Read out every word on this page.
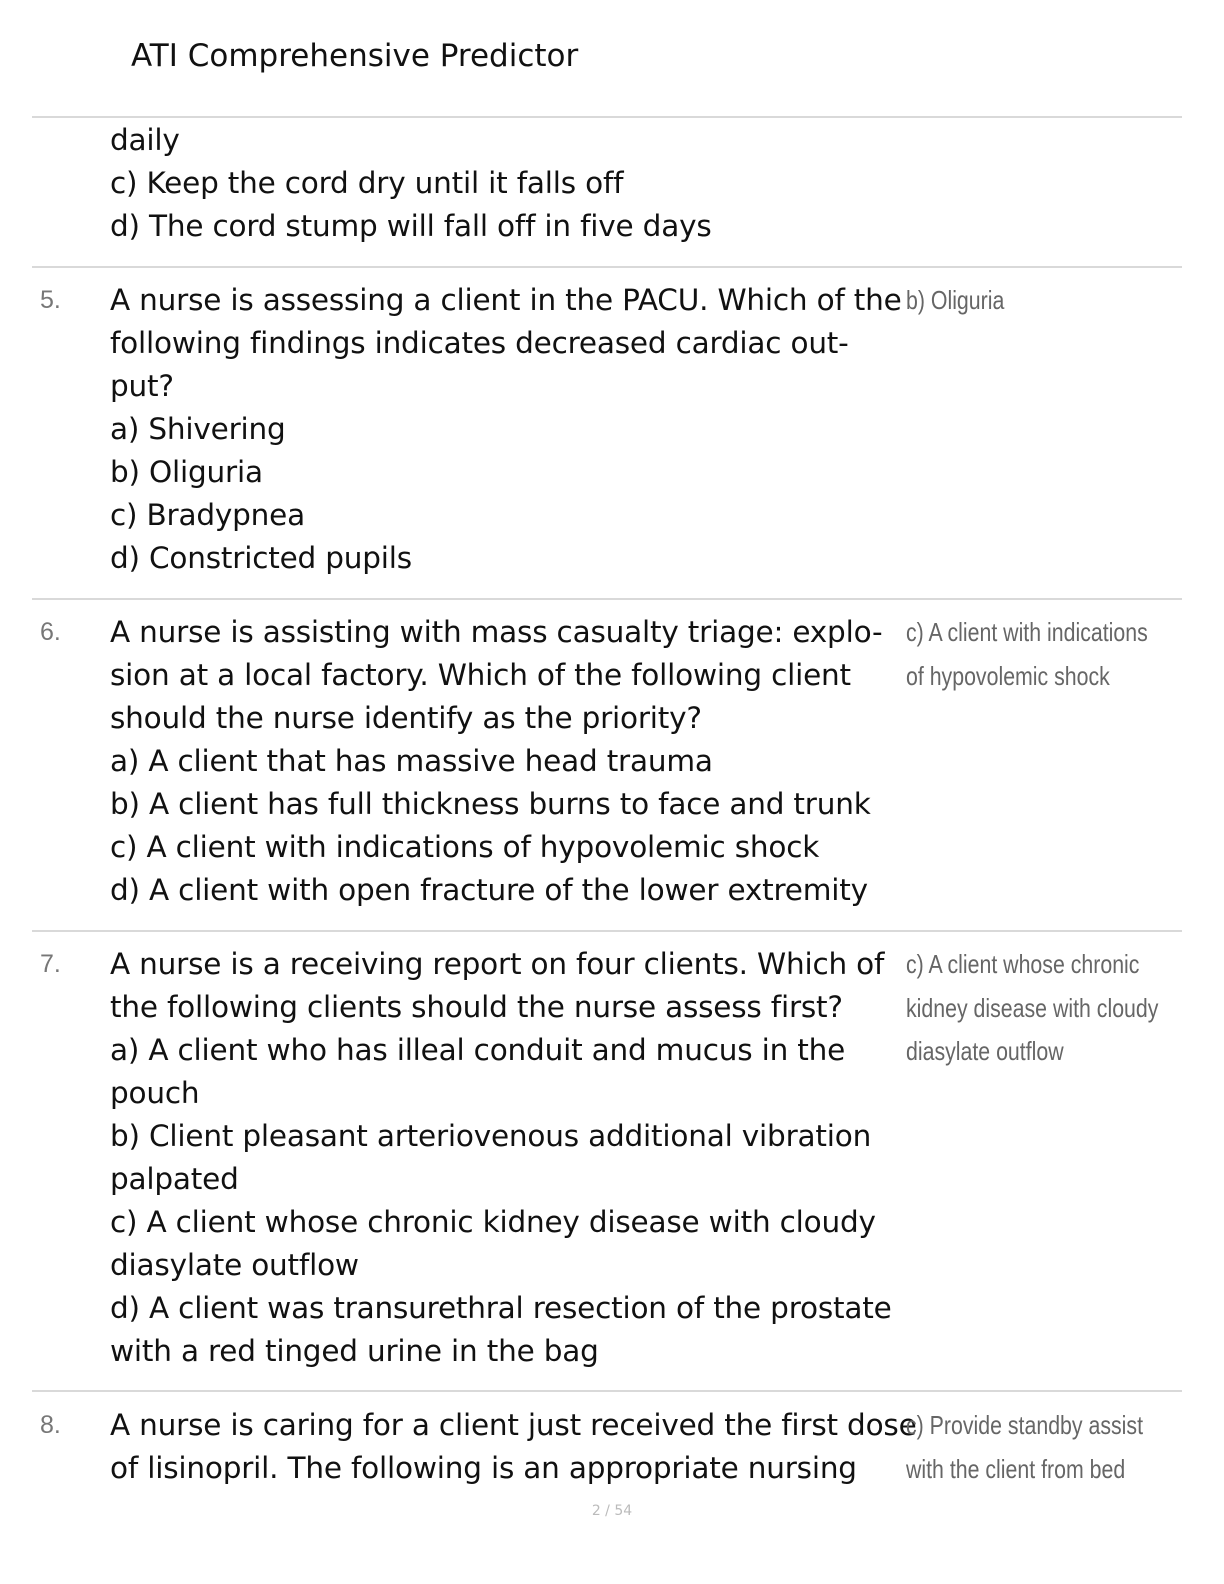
ATI Comprehensive Predictor
daily
c) Keep the cord dry until it falls off
d) The cord stump will fall off in five days
5. A nurse is assessing a client in the PACU. Which of the
following findings indicates decreased cardiac out-
put?
a) Shivering
b) Oliguria
c) Bradypnea
d) Constricted pupils
b) Oliguria
6. A nurse is assisting with mass casualty triage: explo-
sion at a local factory. Which of the following client
should the nurse identify as the priority?
a) A client that has massive head trauma
b) A client has full thickness burns to face and trunk
c) A client with indications of hypovolemic shock
d) A client with open fracture of the lower extremity
c) A client with indications
of hypovolemic shock
7. A nurse is a receiving report on four clients. Which of
the following clients should the nurse assess first?
a) A client who has illeal conduit and mucus in the
pouch
b) Client pleasant arteriovenous additional vibration
palpated
c) A client whose chronic kidney disease with cloudy
diasylate outflow
d) A client was transurethral resection of the prostate
with a red tinged urine in the bag
c) A client whose chronic
kidney disease with cloudy
diasylate outflow
8. A nurse is caring for a client just received the first dose
of lisinopril. The following is an appropriate nursing
c) Provide standby assist
with the client from bed
2 / 54
